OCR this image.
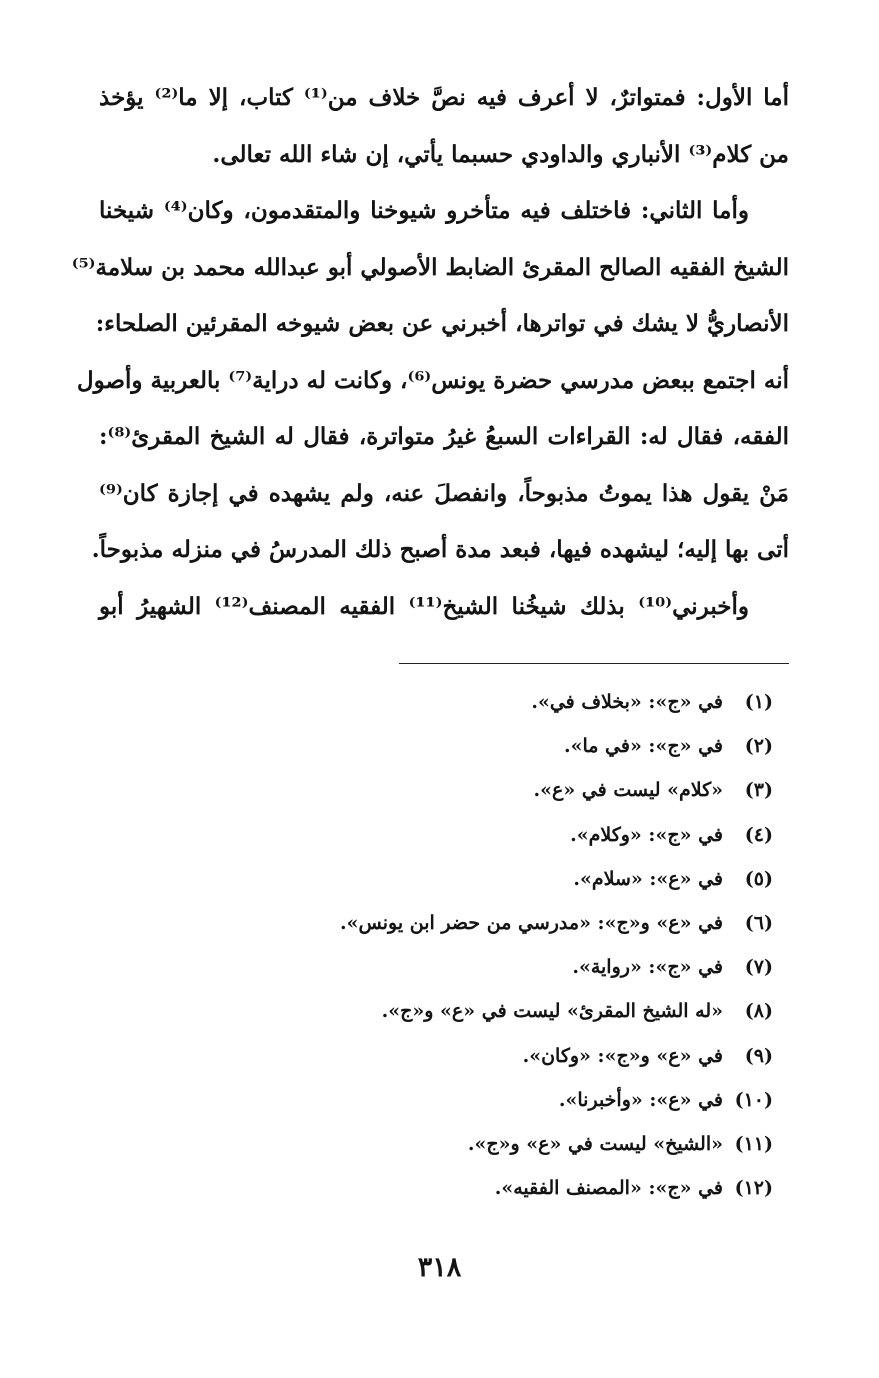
أما الأول: فمتواترٌ، لا أعرف فيه نصَّ خلاف من⁽¹⁾ كتاب، إلا ما⁽²⁾ يؤخذ
من كلام⁽³⁾ الأنباري والداودي حسبما يأتي، إن شاء الله تعالى.
وأما الثاني: فاختلف فيه متأخرو شيوخنا والمتقدمون، وكان⁽⁴⁾ شيخنا
الشيخ الفقيه الصالح المقرئ الضابط الأصولي أبو عبدالله محمد بن سلامة⁽⁵⁾
الأنصاريُّ لا يشك في تواترها، أخبرني عن بعض شيوخه المقرئين الصلحاء:
أنه اجتمع ببعض مدرسي حضرة يونس⁽⁶⁾، وكانت له دراية⁽⁷⁾ بالعربية وأصول
الفقه، فقال له: القراءات السبعُ غيرُ متواترة، فقال له الشيخ المقرئ⁽⁸⁾:
مَنْ يقول هذا يموتُ مذبوحاً، وانفصلَ عنه، ولم يشهده في إجازة كان⁽⁹⁾
أتى بها إليه؛ ليشهده فيها، فبعد مدة أصبح ذلك المدرسُ في منزله مذبوحاً.
وأخبرني⁽¹⁰⁾ بذلك شيخُنا الشيخ⁽¹¹⁾ الفقيه المصنف⁽¹²⁾ الشهيرُ أبو
(١)في «ج»: «بخلاف في».
(٢)في «ج»: «في ما».
(٣)«كلام» ليست في «ع».
(٤)في «ج»: «وكلام».
(٥)في «ع»: «سلام».
(٦)في «ع» و«ج»: «مدرسي من حضر ابن يونس».
(٧)في «ج»: «رواية».
(٨)«له الشيخ المقرئ» ليست في «ع» و«ج».
(٩)في «ع» و«ج»: «وكان».
(١٠)في «ع»: «وأخبرنا».
(١١)«الشيخ» ليست في «ع» و«ج».
(١٢)في «ج»: «المصنف الفقيه».
٣١٨
